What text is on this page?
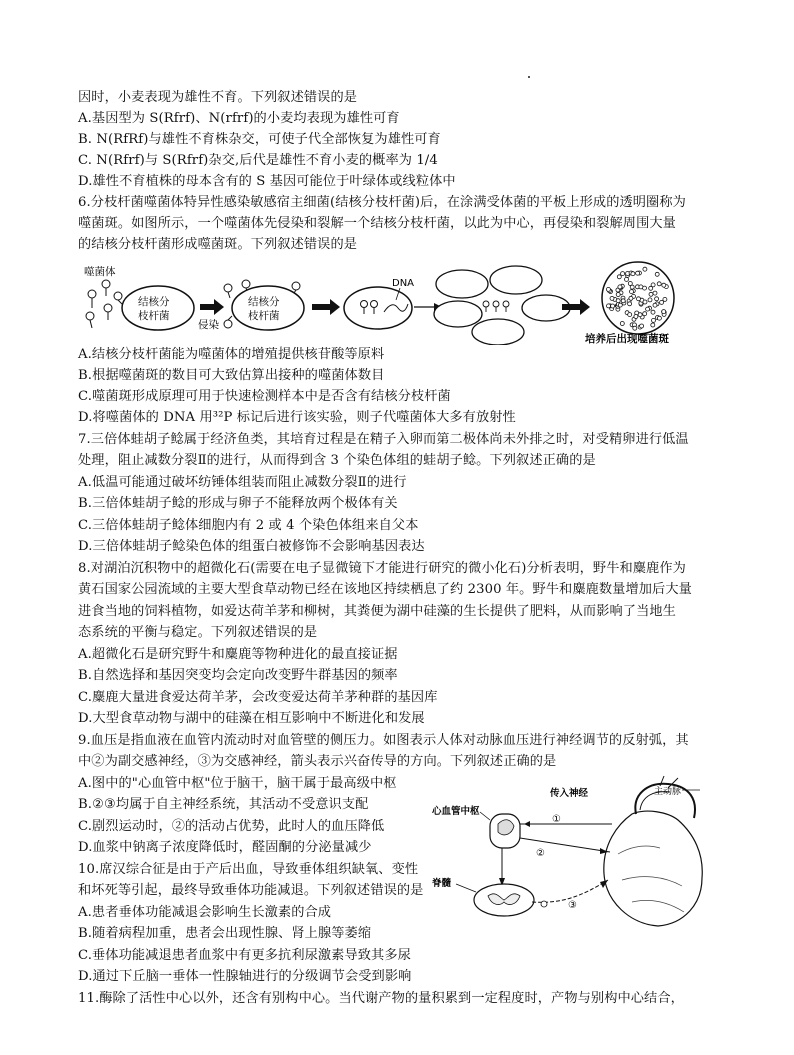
因时，小麦表现为雄性不育。下列叙述错误的是
A.基因型为 S(Rfrf)、N(rfrf)的小麦均表现为雄性可育
B. N(RfRf)与雄性不育株杂交，可使子代全部恢复为雄性可育
C. N(Rfrf)与 S(Rfrf)杂交,后代是雄性不育小麦的概率为 1/4
D.雄性不育植株的母本含有的 S 基因可能位于叶绿体或线粒体中
6.分枝杆菌噬菌体特异性感染敏感宿主细菌(结核分枝杆菌)后，在涂满受体菌的平板上形成的透明圈称为
噬菌斑。如图所示，一个噬菌体先侵染和裂解一个结核分枝杆菌，以此为中心，再侵染和裂解周围大量
的结核分枝杆菌形成噬菌斑。下列叙述错误的是
噬菌体
结核分
枝杆菌
侵染
结核分
枝杆菌
DNA
培养后出现噬菌斑
A.结核分枝杆菌能为噬菌体的增殖提供核苷酸等原料
B.根据噬菌斑的数目可大致估算出接种的噬菌体数目
C.噬菌斑形成原理可用于快速检测样本中是否含有结核分枝杆菌
D.将噬菌体的 DNA 用³²P 标记后进行该实验，则子代噬菌体大多有放射性
7.三倍体蛙胡子鲶属于经济鱼类，其培育过程是在精子入卵而第二极体尚未外排之时，对受精卵进行低温
处理，阻止减数分裂Ⅱ的进行，从而得到含 3 个染色体组的蛙胡子鲶。下列叙述正确的是
A.低温可能通过破坏纺锤体组装而阻止减数分裂Ⅱ的进行
B.三倍体蛙胡子鲶的形成与卵子不能释放两个极体有关
C.三倍体蛙胡子鲶体细胞内有 2 或 4 个染色体组来自父本
D.三倍体蛙胡子鲶染色体的组蛋白被修饰不会影响基因表达
8.对湖泊沉积物中的超微化石(需要在电子显微镜下才能进行研究的微小化石)分析表明，野牛和麋鹿作为
黄石国家公园流域的主要大型食草动物已经在该地区持续栖息了约 2300 年。野牛和麋鹿数量增加后大量
进食当地的饲料植物，如爱达荷羊茅和柳树，其粪便为湖中硅藻的生长提供了肥料，从而影响了当地生
态系统的平衡与稳定。下列叙述错误的是
A.超微化石是研究野牛和麋鹿等物种进化的最直接证据
B.自然选择和基因突变均会定向改变野牛群基因的频率
C.麋鹿大量进食爱达荷羊茅，会改变爱达荷羊茅种群的基因库
D.大型食草动物与湖中的硅藻在相互影响中不断进化和发展
9.血压是指血液在血管内流动时对血管壁的侧压力。如图表示人体对动脉血压进行神经调节的反射弧，其
中②为副交感神经，③为交感神经，箭头表示兴奋传导的方向。下列叙述正确的是
A.图中的"心血管中枢"位于脑干，脑干属于最高级中枢
B.②③均属于自主神经系统，其活动不受意识支配
C.剧烈运动时，②的活动占优势，此时人的血压降低
D.血浆中钠离子浓度降低时，醛固酮的分泌量减少
10.席汉综合征是由于产后出血，导致垂体组织缺氧、变性
和坏死等引起，最终导致垂体功能减退。下列叙述错误的是
A.患者垂体功能减退会影响生长激素的合成
B.随着病程加重，患者会出现性腺、肾上腺等萎缩
C.垂体功能减退患者血浆中有更多抗利尿激素导致其多尿
D.通过下丘脑一垂体一性腺轴进行的分级调节会受到影响
11.酶除了活性中心以外，还含有别构中心。当代谢产物的量积累到一定程度时，产物与别构中心结合，
主动脉
传入神经
心血管中枢
①
②
脊髓
③
